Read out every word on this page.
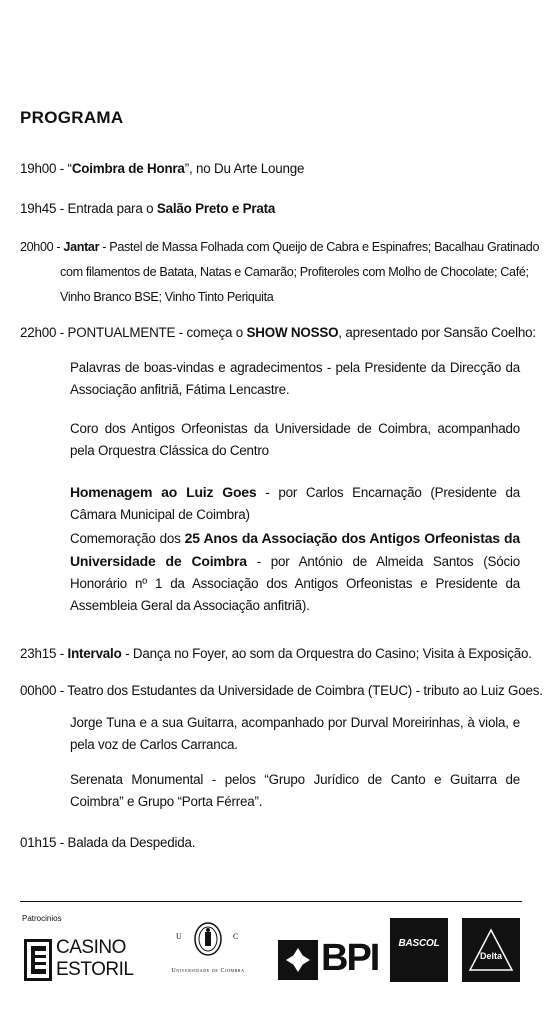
PROGRAMA
19h00 - “Coimbra de Honra”, no Du Arte Lounge
19h45 - Entrada para o Salão Preto e Prata
20h00 - Jantar - Pastel de Massa Folhada com Queijo de Cabra e Espinafres; Bacalhau Gratinado
com filamentos de Batata, Natas e Camarão; Profiteroles com Molho de Chocolate; Café;
Vinho Branco BSE; Vinho Tinto Periquita
22h00 - PONTUALMENTE - começa o SHOW NOSSO, apresentado por Sansão Coelho:
Palavras de boas-vindas e agradecimentos - pela Presidente da Direcção da Associação anfitriã, Fátima Lencastre.
Coro dos Antigos Orfeonistas da Universidade de Coimbra, acompanhado pela Orquestra Clássica do Centro
Homenagem ao Luiz Goes - por Carlos Encarnação (Presidente da Câmara Municipal de Coimbra)
Comemoração dos 25 Anos da Associação dos Antigos Orfeonistas da Universidade de Coimbra - por António de Almeida Santos (Sócio Honorário nº 1 da Associação dos Antigos Orfeonistas e Presidente da Assembleia Geral da Associação anfitriã).
23h15 - Intervalo - Dança no Foyer, ao som da Orquestra do Casino; Visita à Exposição.
00h00 - Teatro dos Estudantes da Universidade de Coimbra (TEUC) - tributo ao Luiz Goes.
Jorge Tuna e a sua Guitarra, acompanhado por Durval Moreirinhas, à viola, e pela voz de Carlos Carranca.
Serenata Monumental - pelos “Grupo Jurídico de Canto e Guitarra de Coimbra” e Grupo “Porta Férrea”.
01h15 - Balada da Despedida.
Patrocinios
CASINO
ESTORIL
U	C
Universidade de Coimbra	BPI	BASCOL
Delta
